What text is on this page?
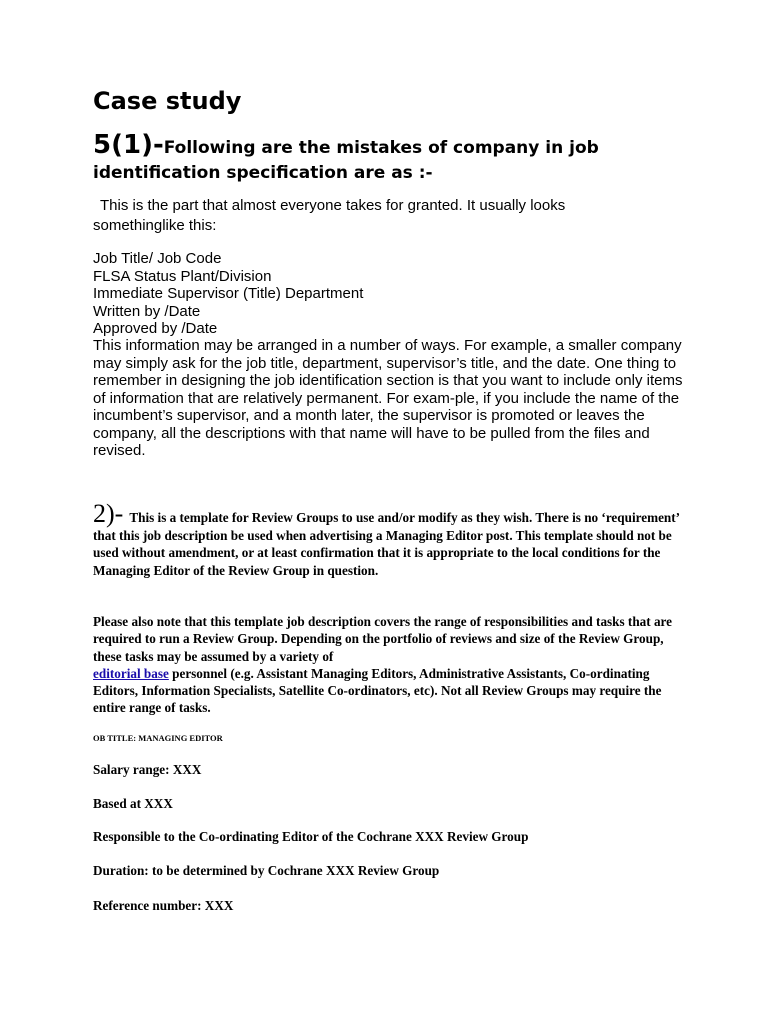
Case study
5(1)-Following are the mistakes of company in job identification specification are as :-

This is the part that almost everyone takes for granted. It usually looks somethinglike this:

Job Title/ Job Code
FLSA Status Plant/Division
Immediate Supervisor (Title) Department
Written by /Date
Approved by /Date

This information may be arranged in a number of ways. For example, a smaller company may simply ask for the job title, department, supervisor’s title, and the date. One thing to remember in designing the job identification section is that you want to include only items of information that are relatively permanent. For exam-ple, if you include the name of the incumbent’s supervisor, and a month later, the supervisor is promoted or leaves the company, all the descriptions with that name will have to be pulled from the files and revised.

2)- This is a template for Review Groups to use and/or modify as they wish. There is no ‘requirement’ that this job description be used when advertising a Managing Editor post. This template should not be used without amendment, or at least confirmation that it is appropriate to the local conditions for the Managing Editor of the Review Group in question.

Please also note that this template job description covers the range of responsibilities and tasks that are required to run a Review Group. Depending on the portfolio of reviews and size of the Review Group, these tasks may be assumed by a variety of
editorial base personnel (e.g. Assistant Managing Editors, Administrative Assistants, Co-ordinating Editors, Information Specialists, Satellite Co-ordinators, etc). Not all Review Groups may require the entire range of tasks.

OB TITLE: MANAGING EDITOR

Salary range: XXX

Based at XXX

Responsible to the Co-ordinating Editor of the Cochrane XXX Review Group

Duration: to be determined by Cochrane XXX Review Group

Reference number: XXX
